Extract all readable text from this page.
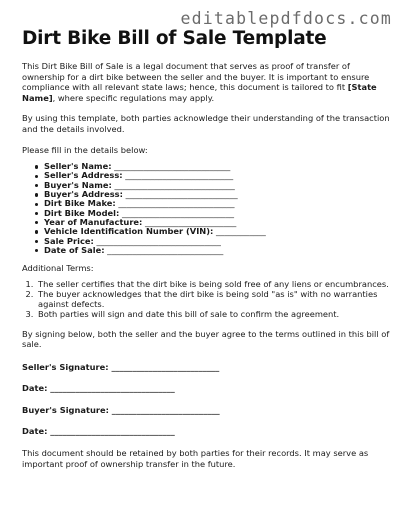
editablepdfdocs.com
Dirt Bike Bill of Sale Template

This Dirt Bike Bill of Sale is a legal document that serves as proof of transfer of ownership for a dirt bike between the seller and the buyer. It is important to ensure compliance with all relevant state laws; hence, this document is tailored to fit [State Name], where specific regulations may apply.

By using this template, both parties acknowledge their understanding of the transaction and the details involved.

Please fill in the details below:

Seller's Name: ____________________________
Seller's Address: __________________________
Buyer's Name: _____________________________
Buyer's Address: ___________________________
Dirt Bike Make: ____________________________
Dirt Bike Model: ___________________________
Year of Manufacture: ______________________
Vehicle Identification Number (VIN): ____________
Sale Price: ______________________________
Date of Sale: ____________________________

Additional Terms:

1. The seller certifies that the dirt bike is being sold free of any liens or encumbrances.
2. The buyer acknowledges that the dirt bike is being sold "as is" with no warranties against defects.
3. Both parties will sign and date this bill of sale to confirm the agreement.

By signing below, both the seller and the buyer agree to the terms outlined in this bill of sale.

Seller's Signature: __________________________
Date: ______________________________
Buyer's Signature: __________________________
Date: ______________________________

This document should be retained by both parties for their records. It may serve as important proof of ownership transfer in the future.
